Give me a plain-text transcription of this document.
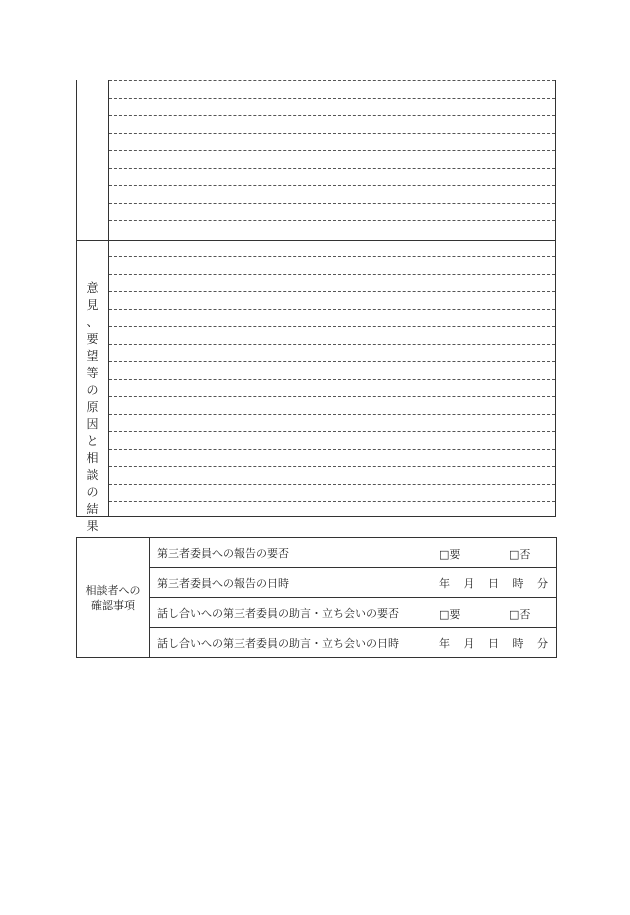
意
見
、
要
望
等
の
原
因
と
相
談
の
結
果
相談者への
確認事項	第三者委員への報告の要否	□要 □否

	第三者委員への報告の日時	年 月 日 時 分

	話し合いへの第三者委員の助言・立ち会いの要否	□要 □否

	話し合いへの第三者委員の助言・立ち会いの日時	年 月 日 時 分
